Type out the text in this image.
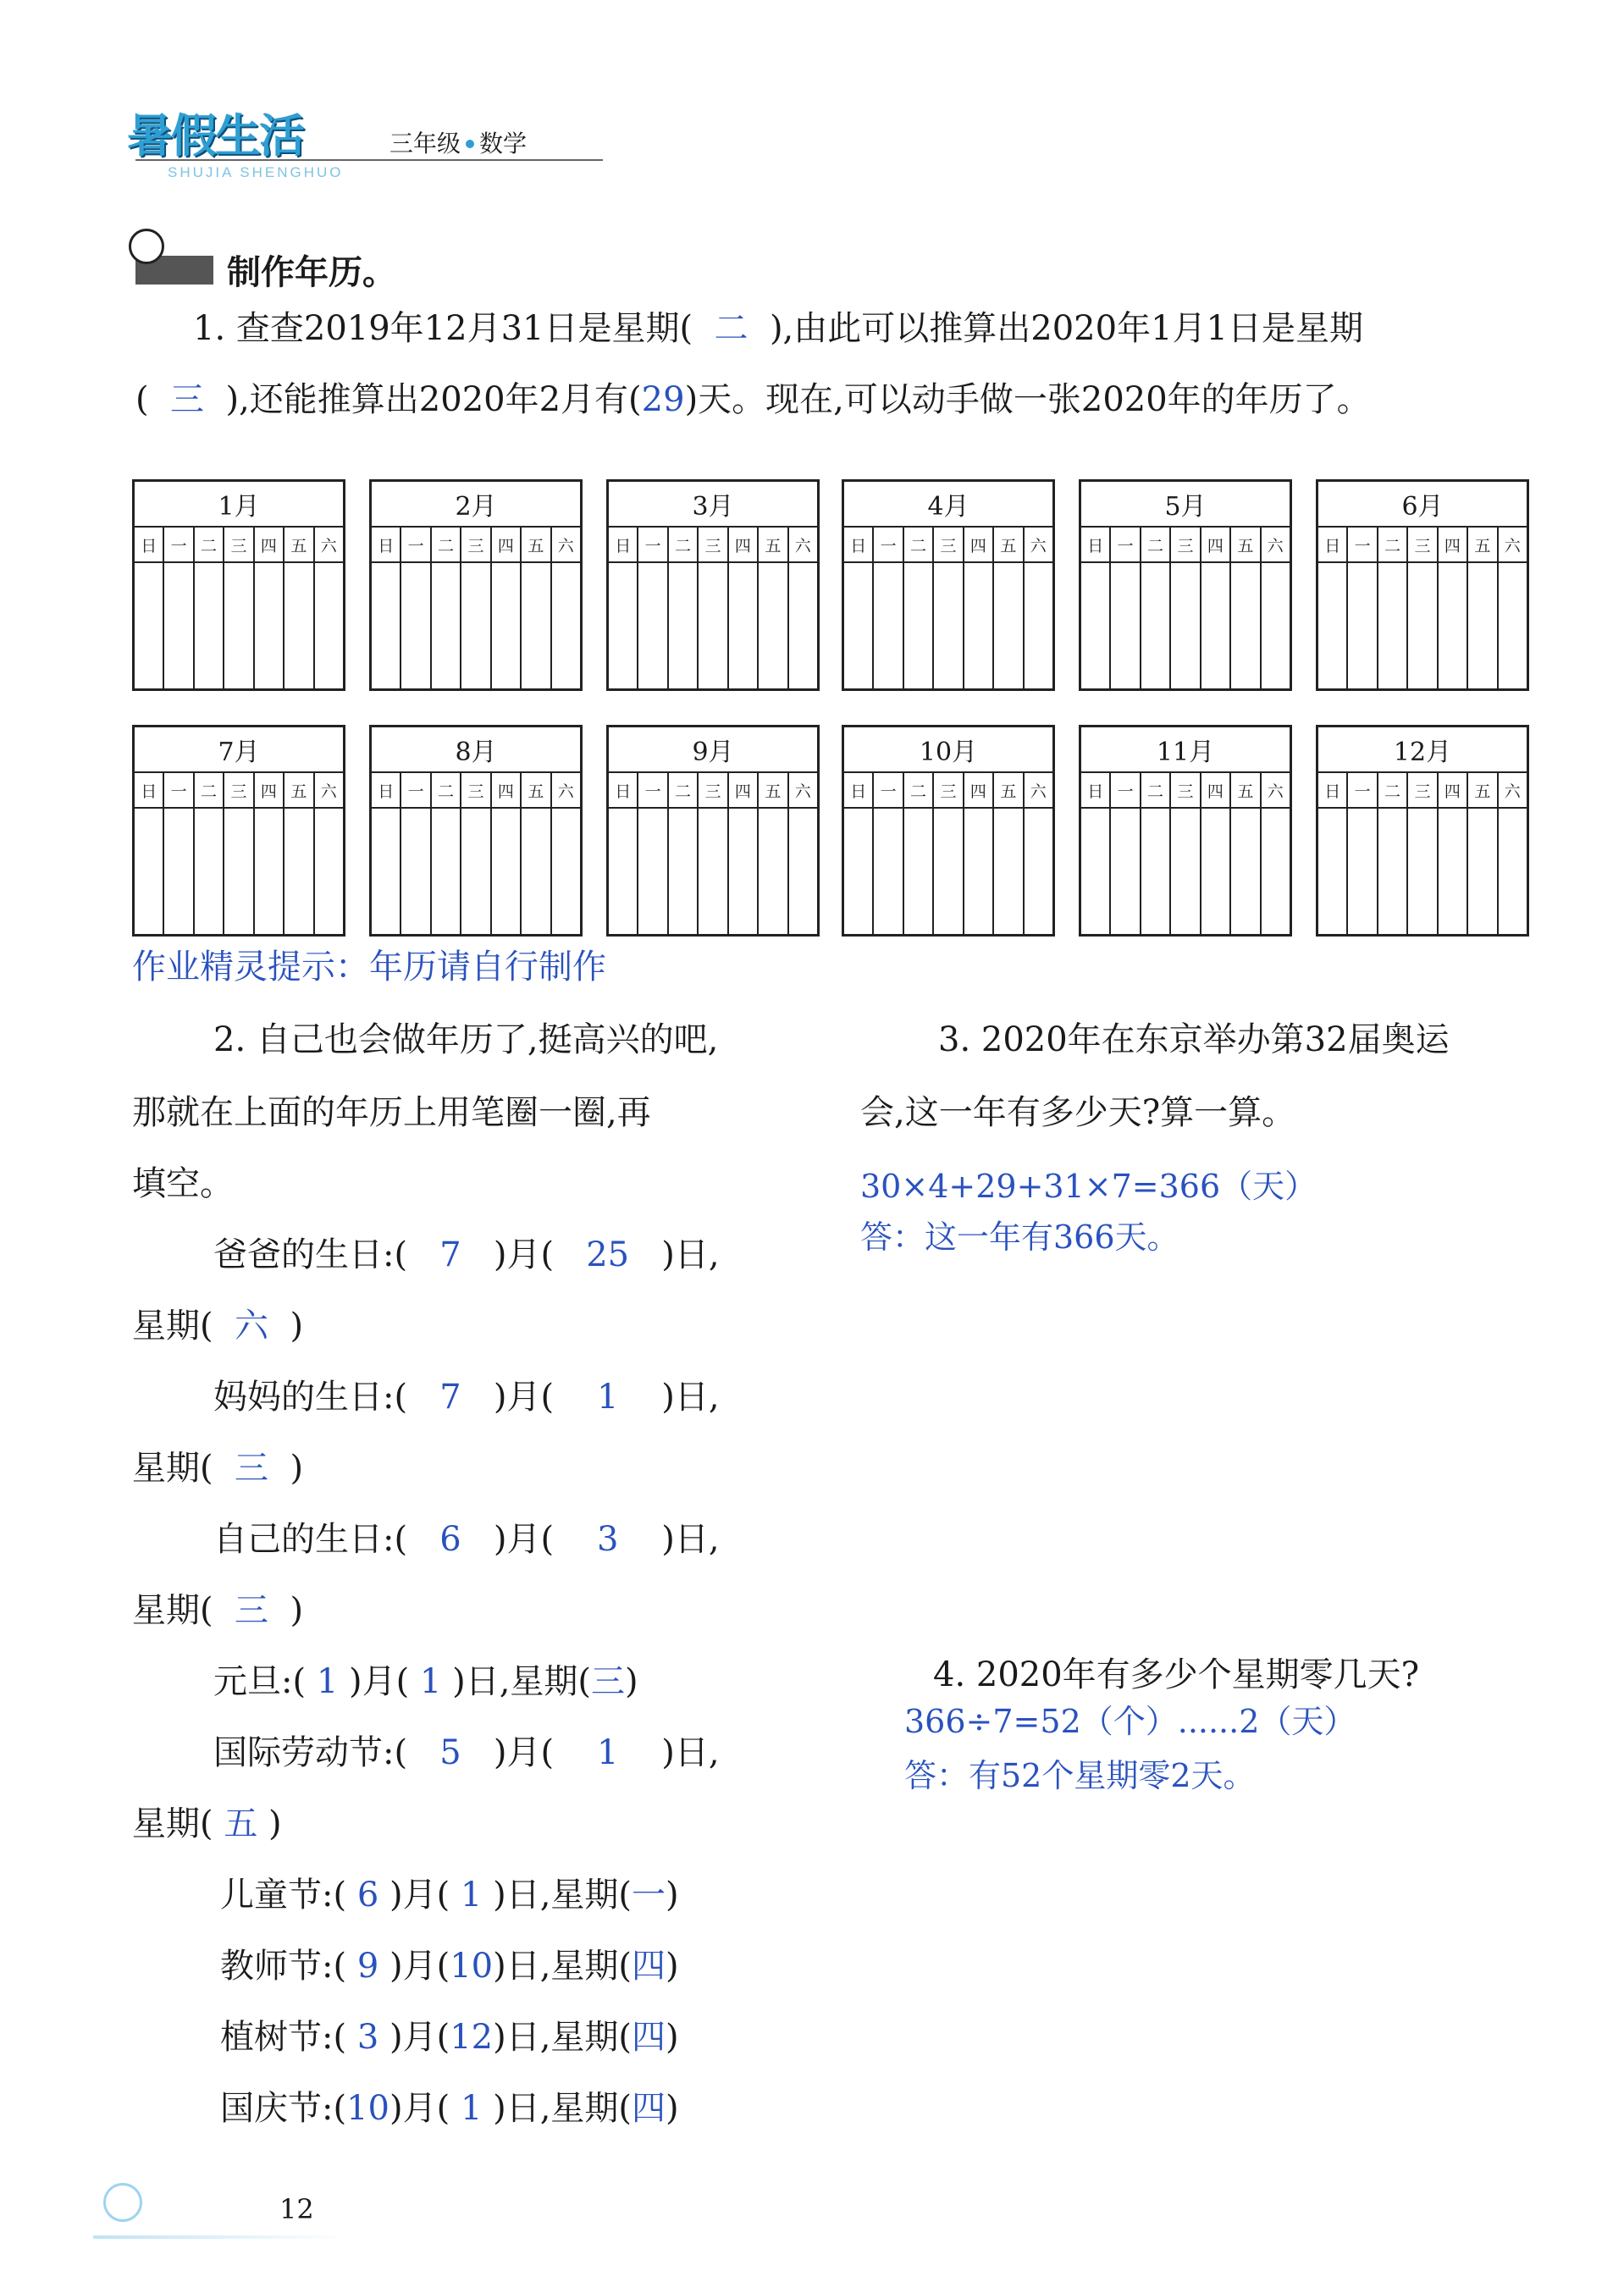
暑假生活
SHUJIA SHENGHUO
三年级 数学
制作年历。
1. 查查2019年12月31日是星期( 二 ),由此可以推算出2020年1月1日是星期
( 三 ),还能推算出2020年2月有(29)天。现在,可以动手做一张2020年的年历了。
1月
日 一 二 三 四 五 六
2月
日 一 二 三 四 五 六
3月
日 一 二 三 四 五 六
4月
日 一 二 三 四 五 六
5月
日 一 二 三 四 五 六
6月
日 一 二 三 四 五 六
7月
日 一 二 三 四 五 六
8月
日 一 二 三 四 五 六
9月
日 一 二 三 四 五 六
10月
日 一 二 三 四 五 六
11月
日 一 二 三 四 五 六
12月
日 一 二 三 四 五 六
作业精灵提示：年历请自行制作
2. 自己也会做年历了,挺高兴的吧,
那就在上面的年历上用笔圈一圈,再
填空。
爸爸的生日:( 7 )月( 25 )日,
星期( 六 )
妈妈的生日:( 7 )月( 1 )日,
星期( 三 )
自己的生日:( 6 )月( 3 )日,
星期( 三 )
元旦:( 1 )月( 1 )日,星期(三)
国际劳动节:( 5 )月( 1 )日,
星期( 五 )
儿童节:( 6 )月( 1 )日,星期(一)
教师节:( 9 )月(10)日,星期(四)
植树节:( 3 )月(12)日,星期(四)
国庆节:(10)月( 1 )日,星期(四)
3. 2020年在东京举办第32届奥运
会,这一年有多少天?算一算。
30×4+29+31×7=366（天）
答：这一年有366天。
4. 2020年有多少个星期零几天?
366÷7=52（个）......2（天）
答：有52个星期零2天。
12
